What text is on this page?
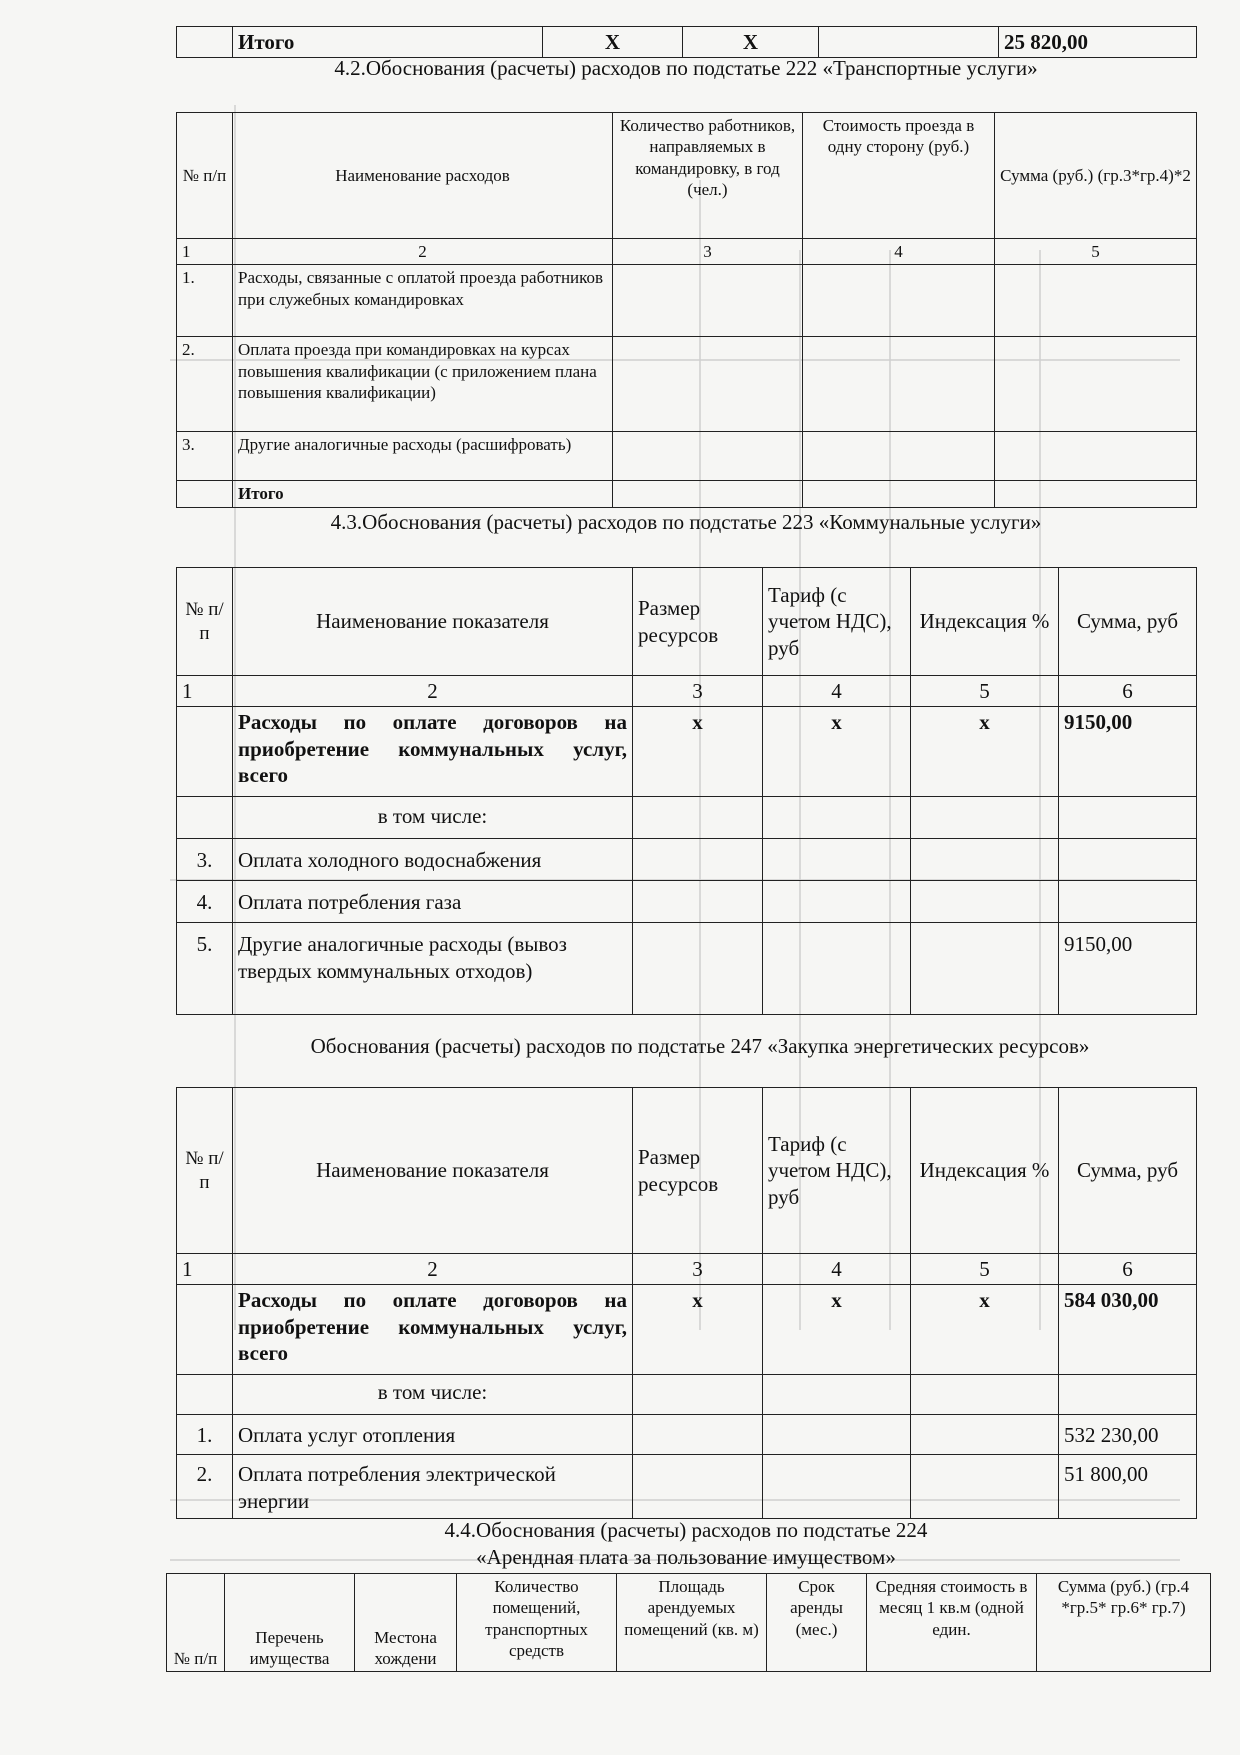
	Итого	X	X		25 820,00
4.2.Обоснования (расчеты) расходов по подстатье 222 «Транспортные услуги»
№ п/п	Наименование расходов	Количество работников, направляемых в командировку, в год (чел.)	Стоимость проезда в одну сторону (руб.)	Сумма (руб.) (гр.3*гр.4)*2
1	2	3	4	5
1.	Расходы, связанные с оплатой проезда работников при служебных командировках			
2.	Оплата проезда при командировках на курсах повышения квалификации (с приложением плана повышения квалификации)			
3.	Другие аналогичные расходы (расшифровать)			
	Итого			
4.3.Обоснования (расчеты) расходов по подстатье 223 «Коммунальные услуги»
№ п/п	Наименование показателя	Размер ресурсов	Тариф (с учетом НДС), руб	Индексация %	Сумма, руб
1	2	3	4	5	6
	Расходы по оплате договоров на приобретение коммунальных услуг, всего	х	х	х	9150,00
	в том числе:				
3.	Оплата холодного водоснабжения				
4.	Оплата потребления газа				
5.	Другие аналогичные расходы (вывоз твердых коммунальных отходов)				9150,00
Обоснования (расчеты) расходов по подстатье 247 «Закупка энергетических ресурсов»
№ п/п	Наименование показателя	Размер ресурсов	Тариф (с учетом НДС), руб	Индексация %	Сумма, руб
1	2	3	4	5	6
	Расходы по оплате договоров на приобретение коммунальных услуг, всего	х	х	х	584 030,00
	в том числе:				
1.	Оплата услуг отопления				532 230,00
2.	Оплата потребления электрической энергии				51 800,00
4.4.Обоснования (расчеты) расходов по подстатье 224
«Арендная плата за пользование имуществом»
№ п/п	Перечень имущества	Местона хождени	Количество помещений, транспортных средств	Площадь арендуемых помещений (кв. м)	Срок аренды (мес.)	Средняя стоимость в месяц 1 кв.м (одной един.	Сумма (руб.) (гр.4 *гр.5* гр.6* гр.7)
